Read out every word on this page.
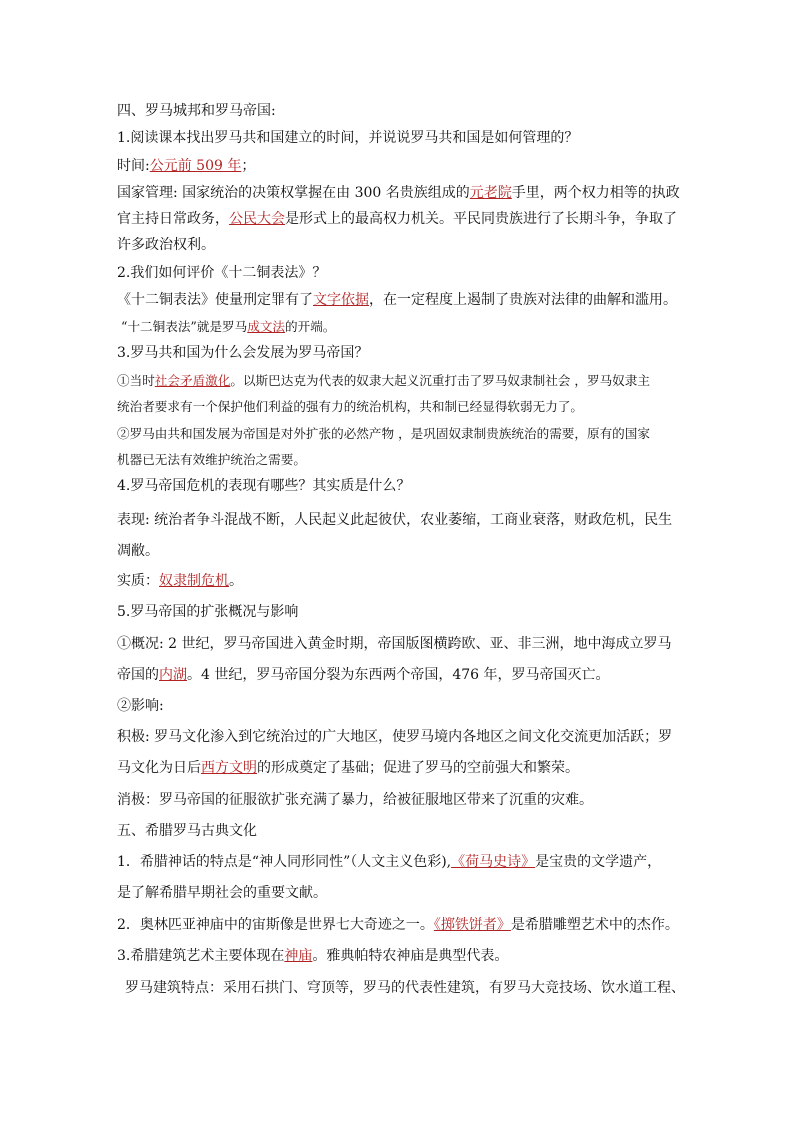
四、罗马城邦和罗马帝国:
1.阅读课本找出罗马共和国建立的时间，并说说罗马共和国是如何管理的？
时间:公元前 509 年；
国家管理: 国家统治的决策权掌握在由 300 名贵族组成的元老院手里，两个权力相等的执政
官主持日常政务，公民大会是形式上的最高权力机关。平民同贵族进行了长期斗争，争取了
许多政治权利。
2.我们如何评价《十二铜表法》？
《十二铜表法》使量刑定罪有了文字依据，在一定程度上遏制了贵族对法律的曲解和滥用。
“十二铜表法”就是罗马成文法的开端。
3.罗马共和国为什么会发展为罗马帝国？
①当时社会矛盾激化。以斯巴达克为代表的奴隶大起义沉重打击了罗马奴隶制社会 ，罗马奴隶主
统治者要求有一个保护他们利益的强有力的统治机构，共和制已经显得软弱无力了。
②罗马由共和国发展为帝国是对外扩张的必然产物 ，是巩固奴隶制贵族统治的需要，原有的国家
机器已无法有效维护统治之需要。
4.罗马帝国危机的表现有哪些？其实质是什么？
表现: 统治者争斗混战不断，人民起义此起彼伏，农业萎缩，工商业衰落，财政危机，民生
凋敝。
实质：奴隶制危机。
5.罗马帝国的扩张概况与影响
①概况: 2 世纪，罗马帝国进入黄金时期，帝国版图横跨欧、亚、非三洲，地中海成立罗马
帝国的内湖。4 世纪，罗马帝国分裂为东西两个帝国，476 年，罗马帝国灭亡。
②影响:
积极: 罗马文化渗入到它统治过的广大地区，使罗马境内各地区之间文化交流更加活跃；罗
马文化为日后西方文明的形成奠定了基础；促进了罗马的空前强大和繁荣。
消极：罗马帝国的征服欲扩张充满了暴力，给被征服地区带来了沉重的灾难。
五、希腊罗马古典文化
1．希腊神话的特点是“神人同形同性”（人文主义色彩),《荷马史诗》是宝贵的文学遗产，
是了解希腊早期社会的重要文献。
2．奥林匹亚神庙中的宙斯像是世界七大奇迹之一。《掷铁饼者》是希腊雕塑艺术中的杰作。
3.希腊建筑艺术主要体现在神庙。雅典帕特农神庙是典型代表。
罗马建筑特点：采用石拱门、穹顶等，罗马的代表性建筑，有罗马大竞技场、饮水道工程、
